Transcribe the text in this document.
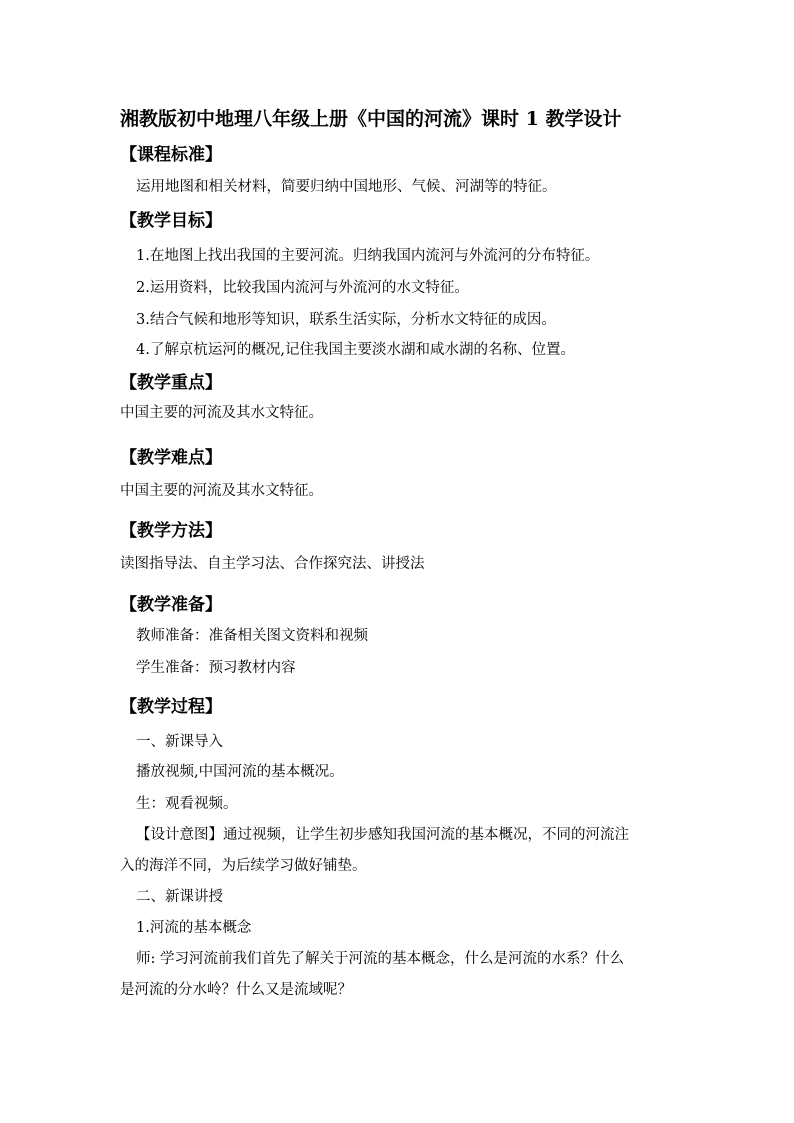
湘教版初中地理八年级上册《中国的河流》课时 1 教学设计
【课程标准】
运用地图和相关材料，简要归纳中国地形、气候、河湖等的特征。
【教学目标】
1.在地图上找出我国的主要河流。归纳我国内流河与外流河的分布特征。
2.运用资料，比较我国内流河与外流河的水文特征。
3.结合气候和地形等知识，联系生活实际，分析水文特征的成因。
4.了解京杭运河的概况,记住我国主要淡水湖和咸水湖的名称、位置。
【教学重点】
中国主要的河流及其水文特征。
【教学难点】
中国主要的河流及其水文特征。
【教学方法】
读图指导法、自主学习法、合作探究法、讲授法
【教学准备】
教师准备：准备相关图文资料和视频
学生准备：预习教材内容
【教学过程】
一、新课导入
播放视频,中国河流的基本概况。
生：观看视频。
【设计意图】通过视频，让学生初步感知我国河流的基本概况，不同的河流注
入的海洋不同，为后续学习做好铺垫。
二、新课讲授
1.河流的基本概念
师: 学习河流前我们首先了解关于河流的基本概念，什么是河流的水系？什么
是河流的分水岭？什么又是流域呢？
